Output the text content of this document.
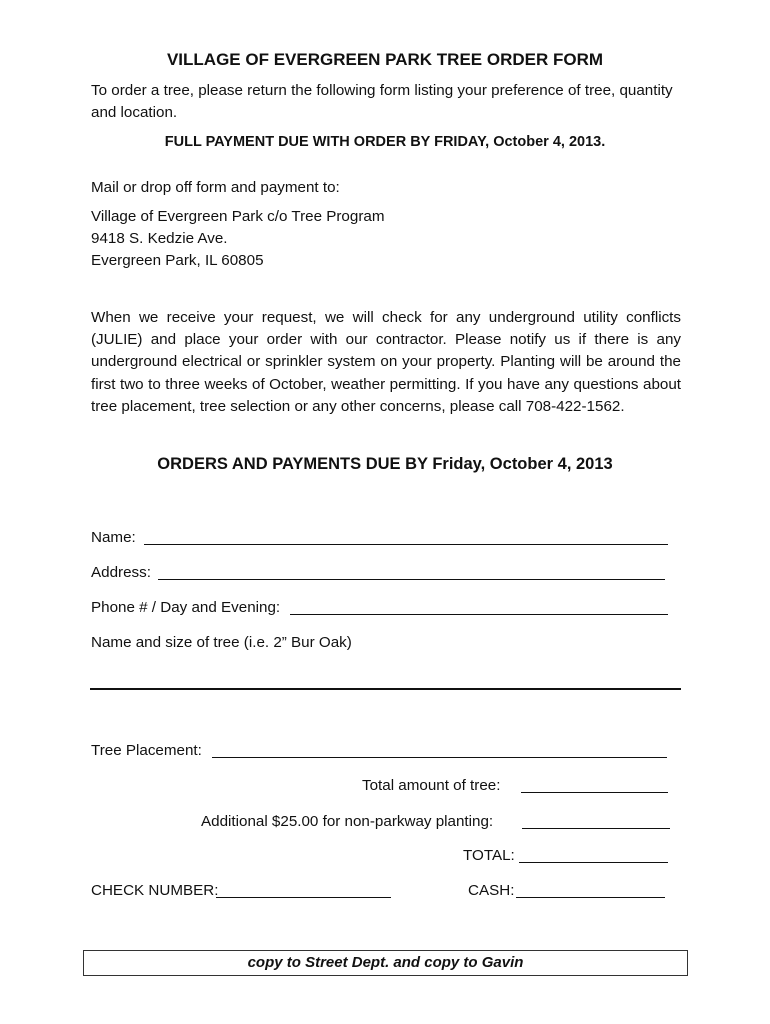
VILLAGE OF EVERGREEN PARK TREE ORDER FORM
To order a tree, please return the following form listing your preference of tree, quantity and location.
FULL PAYMENT DUE WITH ORDER BY FRIDAY, October 4, 2013.
Mail or drop off form and payment to:
Village of Evergreen Park c/o Tree Program
9418 S. Kedzie Ave.
Evergreen Park, IL 60805
When we receive your request, we will check for any underground utility conflicts (JULIE) and place your order with our contractor. Please notify us if there is any underground electrical or sprinkler system on your property. Planting will be around the first two to three weeks of October, weather permitting. If you have any questions about tree placement, tree selection or any other concerns, please call 708-422-1562.
ORDERS AND PAYMENTS DUE BY Friday, October 4, 2013
Name:
Address:
Phone # / Day and Evening:
Name and size of tree (i.e. 2” Bur Oak)
Tree Placement:
Total amount of tree:
Additional $25.00 for non-parkway planting:
TOTAL:
CHECK NUMBER:	CASH:
copy to Street Dept. and copy to Gavin
